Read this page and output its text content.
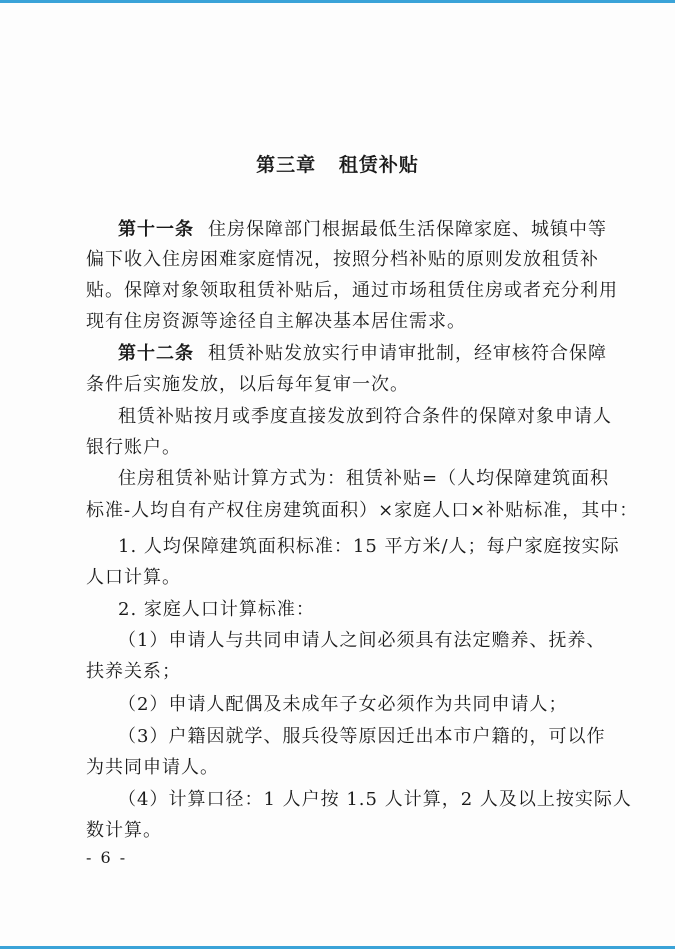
第三章   租赁补贴
第十一条 住房保障部门根据最低生活保障家庭、城镇中等
偏下收入住房困难家庭情况，按照分档补贴的原则发放租赁补
贴。保障对象领取租赁补贴后，通过市场租赁住房或者充分利用
现有住房资源等途径自主解决基本居住需求。
第十二条 租赁补贴发放实行申请审批制，经审核符合保障
条件后实施发放，以后每年复审一次。
租赁补贴按月或季度直接发放到符合条件的保障对象申请人
银行账户。
住房租赁补贴计算方式为：租赁补贴=（人均保障建筑面积
标准-人均自有产权住房建筑面积）×家庭人口×补贴标准，其中：
1. 人均保障建筑面积标准：15 平方米/人；每户家庭按实际
人口计算。
2. 家庭人口计算标准：
（1）申请人与共同申请人之间必须具有法定赡养、抚养、
扶养关系；
（2）申请人配偶及未成年子女必须作为共同申请人；
（3）户籍因就学、服兵役等原因迁出本市户籍的，可以作
为共同申请人。
（4）计算口径：1 人户按 1.5 人计算，2 人及以上按实际人
数计算。
- 6 -
